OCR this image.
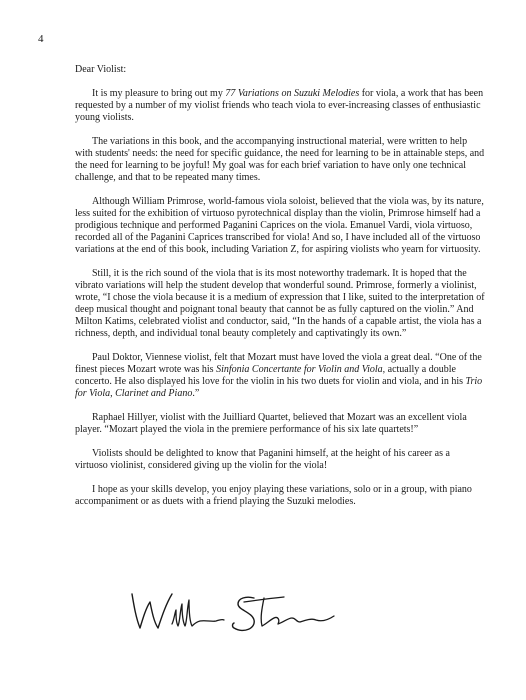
4

Dear Violist:

It is my pleasure to bring out my 77 Variations on Suzuki Melodies for viola, a work that has been requested by a number of my violist friends who teach viola to ever-increasing classes of enthusiastic young violists.

The variations in this book, and the accompanying instructional material, were written to help with students' needs: the need for specific guidance, the need for learning to be in attainable steps, and the need for learning to be joyful! My goal was for each brief variation to have only one technical challenge, and that to be repeated many times.

Although William Primrose, world-famous viola soloist, believed that the viola was, by its nature, less suited for the exhibition of virtuoso pyrotechnical display than the violin, Primrose himself had a prodigious technique and performed Paganini Caprices on the viola. Emanuel Vardi, viola virtuoso, recorded all of the Paganini Caprices transcribed for viola! And so, I have included all of the virtuoso variations at the end of this book, including Variation Z, for aspiring violists who yearn for virtuosity.

Still, it is the rich sound of the viola that is its most noteworthy trademark. It is hoped that the vibrato variations will help the student develop that wonderful sound. Primrose, formerly a violinist, wrote, “I chose the viola because it is a medium of expression that I like, suited to the interpretation of deep musical thought and poignant tonal beauty that cannot be as fully captured on the violin.” And Milton Katims, celebrated violist and conductor, said, “In the hands of a capable artist, the viola has a richness, depth, and individual tonal beauty completely and captivatingly its own.”

Paul Doktor, Viennese violist, felt that Mozart must have loved the viola a great deal. “One of the finest pieces Mozart wrote was his Sinfonia Concertante for Violin and Viola, actually a double concerto. He also displayed his love for the violin in his two duets for violin and viola, and in his Trio for Viola, Clarinet and Piano.”

Raphael Hillyer, violist with the Juilliard Quartet, believed that Mozart was an excellent viola player. “Mozart played the viola in the premiere performance of his six late quartets!”

Violists should be delighted to know that Paganini himself, at the height of his career as a virtuoso violinist, considered giving up the violin for the viola!

I hope as your skills develop, you enjoy playing these variations, solo or in a group, with piano accompaniment or as duets with a friend playing the Suzuki melodies.
